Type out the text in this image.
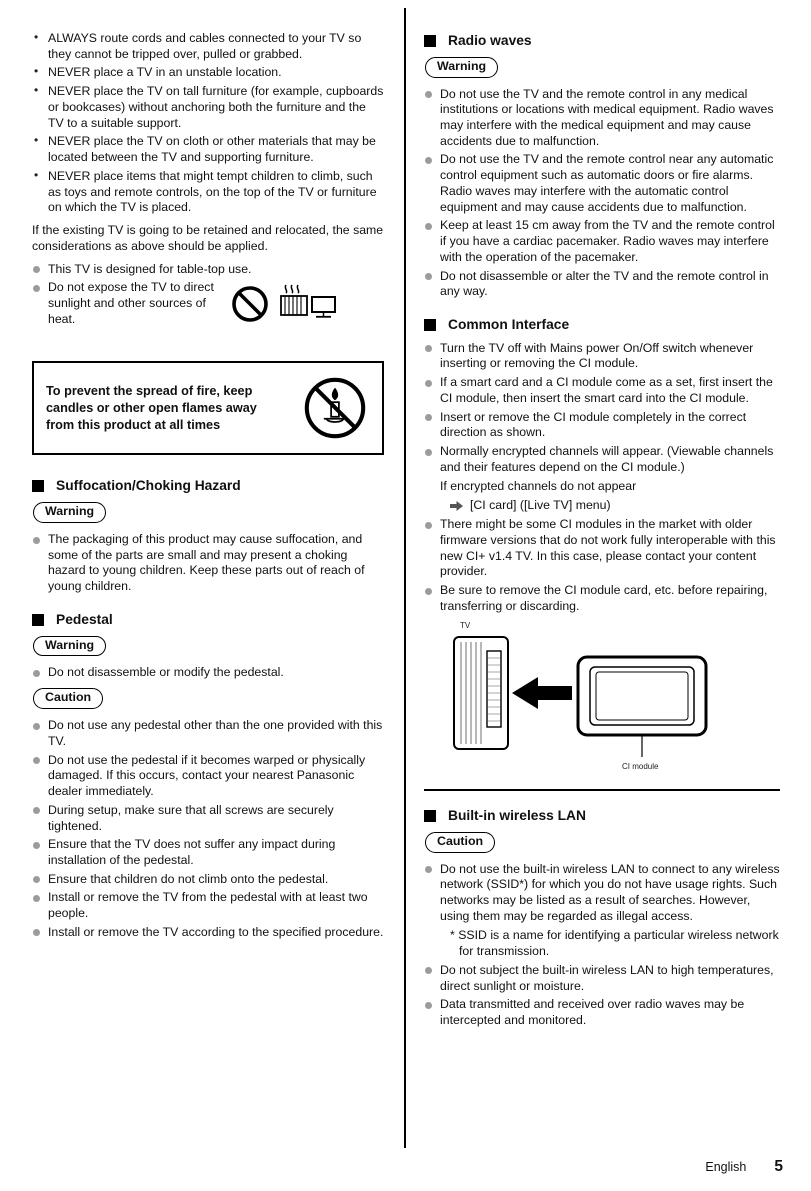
• ALWAYS route cords and cables connected to your TV so they cannot be tripped over, pulled or grabbed.
• NEVER place a TV in an unstable location.
• NEVER place the TV on tall furniture (for example, cupboards or bookcases) without anchoring both the furniture and the TV to a suitable support.
• NEVER place the TV on cloth or other materials that may be located between the TV and supporting furniture.
• NEVER place items that might tempt children to climb, such as toys and remote controls, on the top of the TV or furniture on which the TV is placed.
If the existing TV is going to be retained and relocated, the same considerations as above should be applied.
This TV is designed for table-top use.
Do not expose the TV to direct sunlight and other sources of heat.
To prevent the spread of fire, keep candles or other open flames away from this product at all times
Suffocation/Choking Hazard
Warning
The packaging of this product may cause suffocation, and some of the parts are small and may present a choking hazard to young children. Keep these parts out of reach of young children.
Pedestal
Warning
Do not disassemble or modify the pedestal.
Caution
Do not use any pedestal other than the one provided with this TV.
Do not use the pedestal if it becomes warped or physically damaged. If this occurs, contact your nearest Panasonic dealer immediately.
During setup, make sure that all screws are securely tightened.
Ensure that the TV does not suffer any impact during installation of the pedestal.
Ensure that children do not climb onto the pedestal.
Install or remove the TV from the pedestal with at least two people.
Install or remove the TV according to the specified procedure.
Radio waves
Warning
Do not use the TV and the remote control in any medical institutions or locations with medical equipment. Radio waves may interfere with the medical equipment and may cause accidents due to malfunction.
Do not use the TV and the remote control near any automatic control equipment such as automatic doors or fire alarms. Radio waves may interfere with the automatic control equipment and may cause accidents due to malfunction.
Keep at least 15 cm away from the TV and the remote control if you have a cardiac pacemaker. Radio waves may interfere with the operation of the pacemaker.
Do not disassemble or alter the TV and the remote control in any way.
Common Interface
Turn the TV off with Mains power On/Off switch whenever inserting or removing the CI module.
If a smart card and a CI module come as a set, first insert the CI module, then insert the smart card into the CI module.
Insert or remove the CI module completely in the correct direction as shown.
Normally encrypted channels will appear. (Viewable channels and their features depend on the CI module.)
If encrypted channels do not appear
[CI card] ([Live TV] menu)
There might be some CI modules in the market with older firmware versions that do not work fully interoperable with this new CI+ v1.4 TV. In this case, please contact your content provider.
Be sure to remove the CI module card, etc. before repairing, transferring or discarding.
TV
CI module
Built-in wireless LAN
Caution
Do not use the built-in wireless LAN to connect to any wireless network (SSID*) for which you do not have usage rights. Such networks may be listed as a result of searches. However, using them may be regarded as illegal access.
* SSID is a name for identifying a particular wireless network for transmission.
Do not subject the built-in wireless LAN to high temperatures, direct sunlight or moisture.
Data transmitted and received over radio waves may be intercepted and monitored.
English 5
